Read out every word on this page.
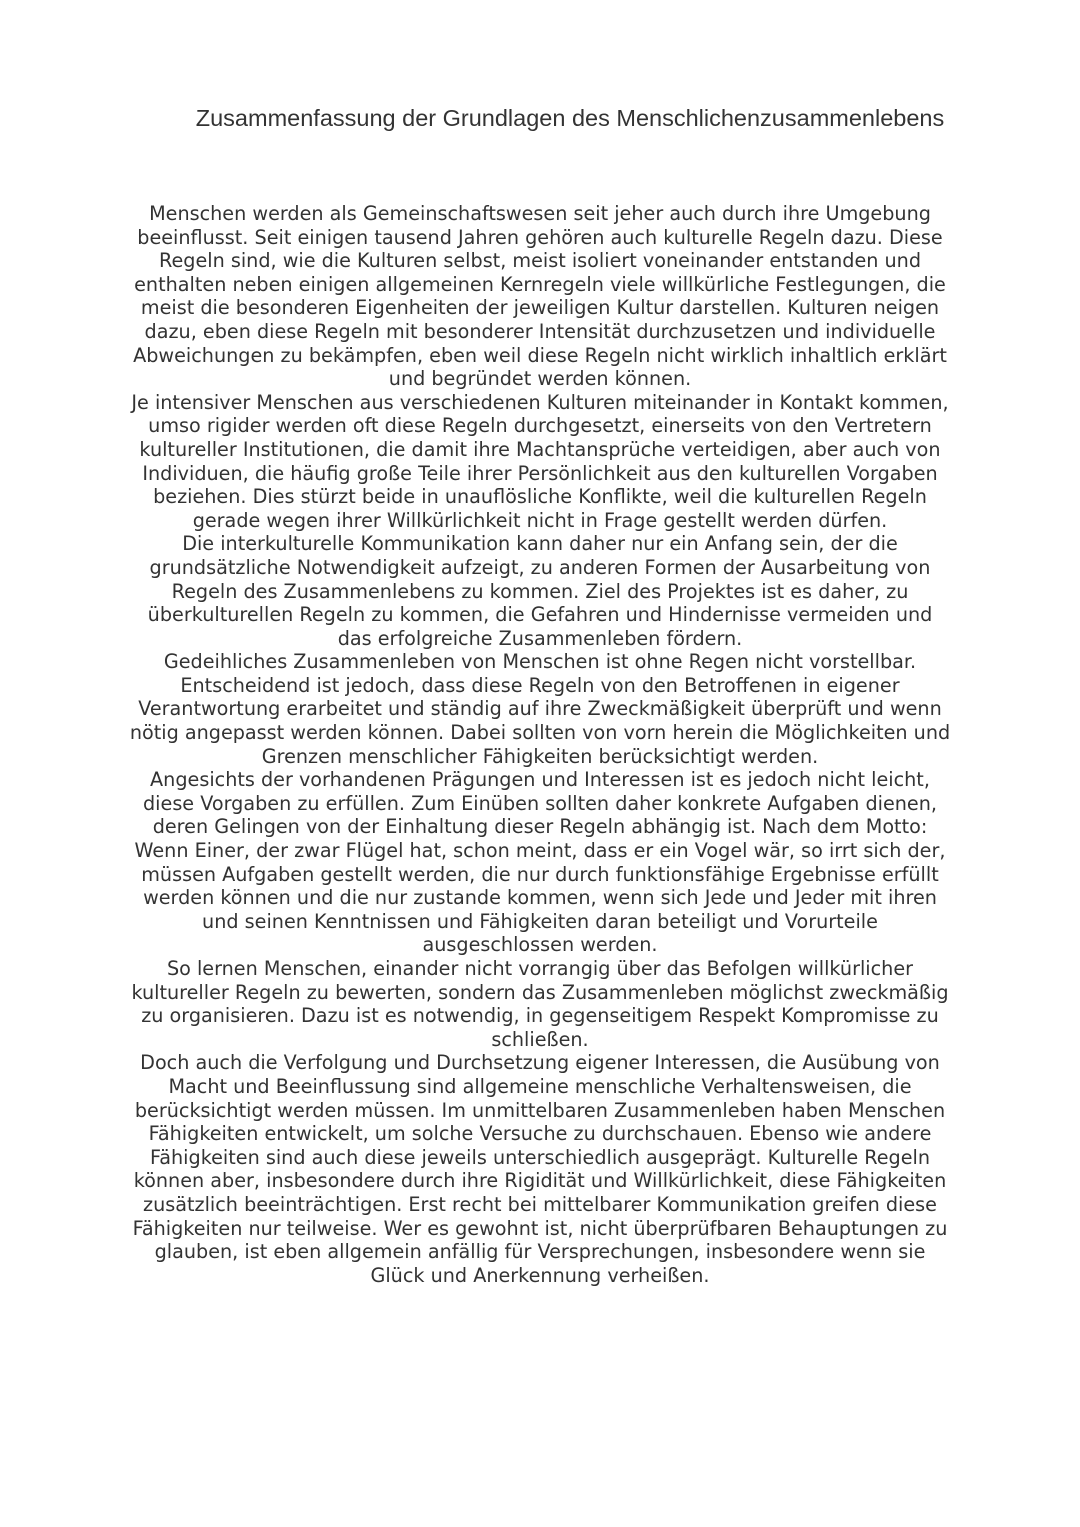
Zusammenfassung der Grundlagen des Menschlichenzusammenlebens
Menschen werden als Gemeinschaftswesen seit jeher auch durch ihre Umgebung
beeinflusst. Seit einigen tausend Jahren gehören auch kulturelle Regeln dazu. Diese
Regeln sind, wie die Kulturen selbst, meist isoliert voneinander entstanden und
enthalten neben einigen allgemeinen Kernregeln viele willkürliche Festlegungen, die
meist die besonderen Eigenheiten der jeweiligen Kultur darstellen. Kulturen neigen
dazu, eben diese Regeln mit besonderer Intensität durchzusetzen und individuelle
Abweichungen zu bekämpfen, eben weil diese Regeln nicht wirklich inhaltlich erklärt
und begründet werden können.
Je intensiver Menschen aus verschiedenen Kulturen miteinander in Kontakt kommen,
umso rigider werden oft diese Regeln durchgesetzt, einerseits von den Vertretern
kultureller Institutionen, die damit ihre Machtansprüche verteidigen, aber auch von
Individuen, die häufig große Teile ihrer Persönlichkeit aus den kulturellen Vorgaben
beziehen. Dies stürzt beide in unauflösliche Konflikte, weil die kulturellen Regeln
gerade wegen ihrer Willkürlichkeit nicht in Frage gestellt werden dürfen.
Die interkulturelle Kommunikation kann daher nur ein Anfang sein, der die
grundsätzliche Notwendigkeit aufzeigt, zu anderen Formen der Ausarbeitung von
Regeln des Zusammenlebens zu kommen. Ziel des Projektes ist es daher, zu
überkulturellen Regeln zu kommen, die Gefahren und Hindernisse vermeiden und
das erfolgreiche Zusammenleben fördern.
Gedeihliches Zusammenleben von Menschen ist ohne Regen nicht vorstellbar.
Entscheidend ist jedoch, dass diese Regeln von den Betroffenen in eigener
Verantwortung erarbeitet und ständig auf ihre Zweckmäßigkeit überprüft und wenn
nötig angepasst werden können. Dabei sollten von vorn herein die Möglichkeiten und
Grenzen menschlicher Fähigkeiten berücksichtigt werden.
Angesichts der vorhandenen Prägungen und Interessen ist es jedoch nicht leicht,
diese Vorgaben zu erfüllen. Zum Einüben sollten daher konkrete Aufgaben dienen,
deren Gelingen von der Einhaltung dieser Regeln abhängig ist. Nach dem Motto:
Wenn Einer, der zwar Flügel hat, schon meint, dass er ein Vogel wär, so irrt sich der,
müssen Aufgaben gestellt werden, die nur durch funktionsfähige Ergebnisse erfüllt
werden können und die nur zustande kommen, wenn sich Jede und Jeder mit ihren
und seinen Kenntnissen und Fähigkeiten daran beteiligt und Vorurteile
ausgeschlossen werden.
So lernen Menschen, einander nicht vorrangig über das Befolgen willkürlicher
kultureller Regeln zu bewerten, sondern das Zusammenleben möglichst zweckmäßig
zu organisieren. Dazu ist es notwendig, in gegenseitigem Respekt Kompromisse zu
schließen.
Doch auch die Verfolgung und Durchsetzung eigener Interessen, die Ausübung von
Macht und Beeinflussung sind allgemeine menschliche Verhaltensweisen, die
berücksichtigt werden müssen. Im unmittelbaren Zusammenleben haben Menschen
Fähigkeiten entwickelt, um solche Versuche zu durchschauen. Ebenso wie andere
Fähigkeiten sind auch diese jeweils unterschiedlich ausgeprägt. Kulturelle Regeln
können aber, insbesondere durch ihre Rigidität und Willkürlichkeit, diese Fähigkeiten
zusätzlich beeinträchtigen. Erst recht bei mittelbarer Kommunikation greifen diese
Fähigkeiten nur teilweise. Wer es gewohnt ist, nicht überprüfbaren Behauptungen zu
glauben, ist eben allgemein anfällig für Versprechungen, insbesondere wenn sie
Glück und Anerkennung verheißen.
